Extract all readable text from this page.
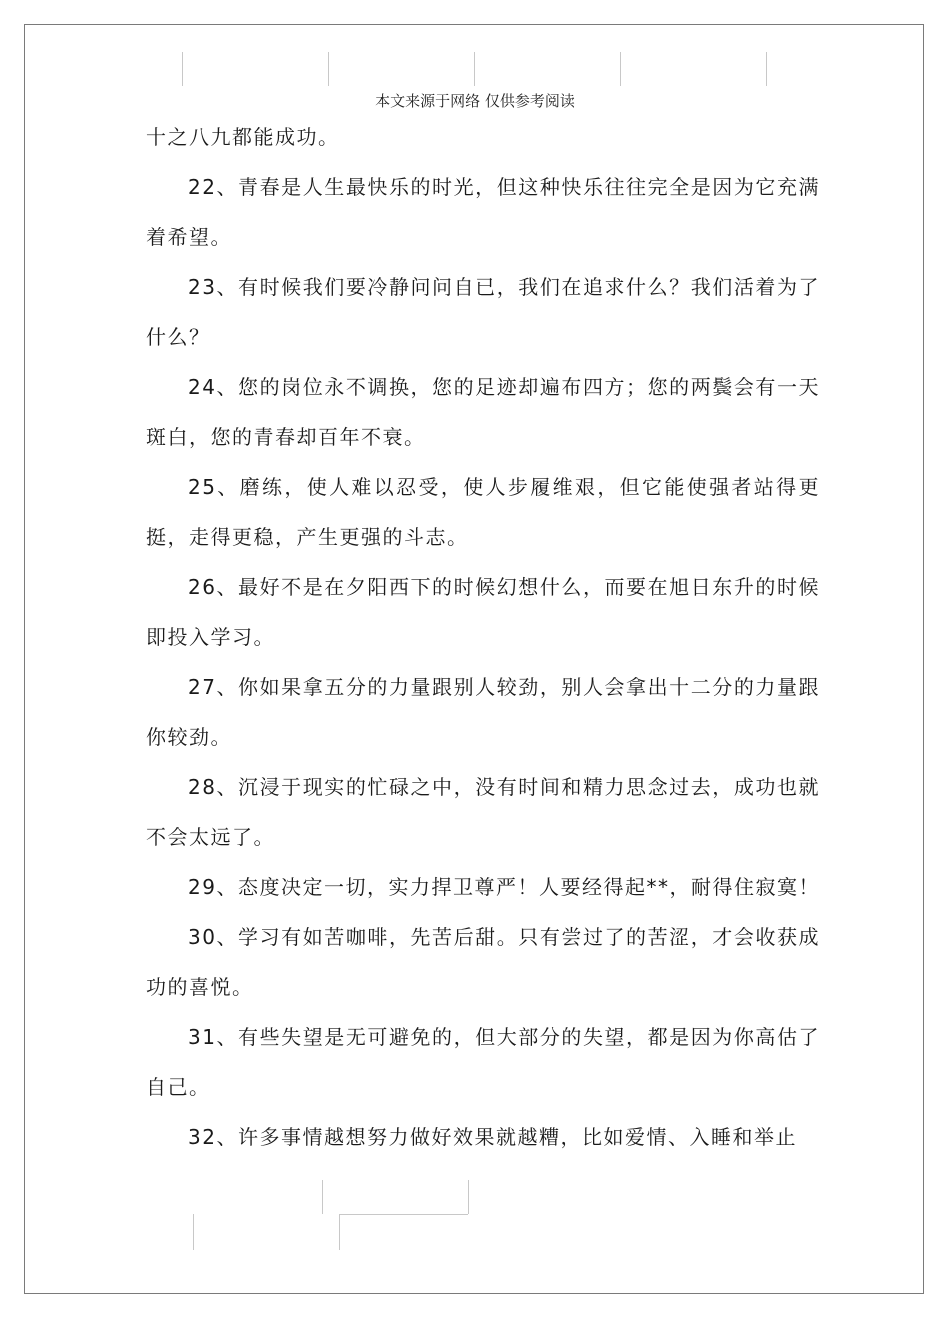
本文来源于网络 仅供参考阅读

十之八九都能成功。

22、青春是人生最快乐的时光，但这种快乐往往完全是因为它充满着希望。

23、有时候我们要冷静问问自已，我们在追求什么？我们活着为了什么？

24、您的岗位永不调换，您的足迹却遍布四方；您的两鬓会有一天斑白，您的青春却百年不衰。

25、磨练，使人难以忍受，使人步履维艰，但它能使强者站得更挺，走得更稳，产生更强的斗志。

26、最好不是在夕阳西下的时候幻想什么，而要在旭日东升的时候即投入学习。

27、你如果拿五分的力量跟别人较劲，别人会拿出十二分的力量跟你较劲。

28、沉浸于现实的忙碌之中，没有时间和精力思念过去，成功也就不会太远了。

29、态度决定一切，实力捍卫尊严！人要经得起**，耐得住寂寞！

30、学习有如苦咖啡，先苦后甜。只有尝过了的苦涩，才会收获成功的喜悦。

31、有些失望是无可避免的，但大部分的失望，都是因为你高估了自己。

32、许多事情越想努力做好效果就越糟，比如爱情、入睡和举止
